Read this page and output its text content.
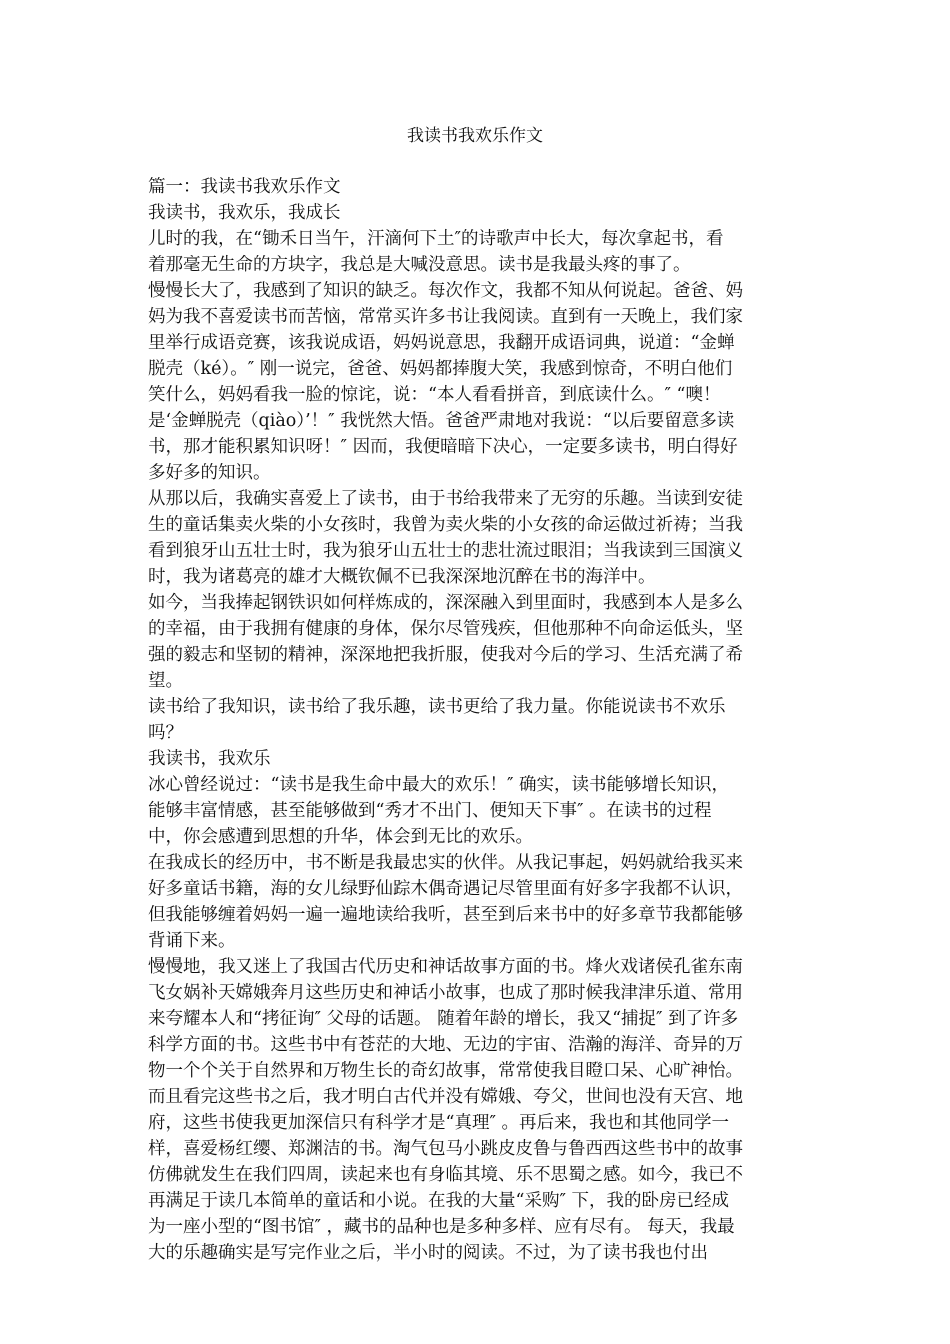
我读书我欢乐作文
篇一：我读书我欢乐作文
我读书，我欢乐，我成长
儿时的我，在“锄禾日当午，汗滴何下土″的诗歌声中长大，每次拿起书，看
着那毫无生命的方块字，我总是大喊没意思。读书是我最头疼的事了。
慢慢长大了，我感到了知识的缺乏。每次作文，我都不知从何说起。爸爸、妈
妈为我不喜爱读书而苦恼，常常买许多书让我阅读。直到有一天晚上，我们家
里举行成语竞赛，该我说成语，妈妈说意思，我翻开成语词典，说道：“金蝉
脱壳（ké）。″ 刚一说完，爸爸、妈妈都捧腹大笑，我感到惊奇，不明白他们
笑什么，妈妈看我一脸的惊诧，说：“本人看看拼音，到底读什么。″ “噢！
是‘金蝉脱壳（qiào）’！″ 我恍然大悟。爸爸严肃地对我说：“以后要留意多读
书，那才能积累知识呀！″ 因而，我便暗暗下决心，一定要多读书，明白得好
多好多的知识。
从那以后，我确实喜爱上了读书，由于书给我带来了无穷的乐趣。当读到安徒
生的童话集卖火柴的小女孩时，我曾为卖火柴的小女孩的命运做过祈祷；当我
看到狼牙山五壮士时，我为狼牙山五壮士的悲壮流过眼泪；当我读到三国演义
时，我为诸葛亮的雄才大概钦佩不已我深深地沉醉在书的海洋中。
如今，当我捧起钢铁识如何样炼成的，深深融入到里面时，我感到本人是多么
的幸福，由于我拥有健康的身体，保尔尽管残疾，但他那种不向命运低头，坚
强的毅志和坚韧的精神，深深地把我折服，使我对今后的学习、生活充满了希
望。
读书给了我知识，读书给了我乐趣，读书更给了我力量。你能说读书不欢乐
吗？
我读书，我欢乐
冰心曾经说过：“读书是我生命中最大的欢乐！″ 确实，读书能够增长知识，
能够丰富情感，甚至能够做到“秀才不出门、便知天下事″ 。在读书的过程
中，你会感遭到思想的升华，体会到无比的欢乐。
在我成长的经历中，书不断是我最忠实的伙伴。从我记事起，妈妈就给我买来
好多童话书籍，海的女儿绿野仙踪木偶奇遇记尽管里面有好多字我都不认识，
但我能够缠着妈妈一遍一遍地读给我听，甚至到后来书中的好多章节我都能够
背诵下来。
慢慢地，我又迷上了我国古代历史和神话故事方面的书。烽火戏诸侯孔雀东南
飞女娲补天嫦娥奔月这些历史和神话小故事，也成了那时候我津津乐道、常用
来夸耀本人和“拷征询″ 父母的话题。 随着年龄的增长，我又“捕捉″ 到了许多
科学方面的书。这些书中有苍茫的大地、无边的宇宙、浩瀚的海洋、奇异的万
物一个个关于自然界和万物生长的奇幻故事，常常使我目瞪口呆、心旷神怡。
而且看完这些书之后，我才明白古代并没有嫦娥、夸父，世间也没有天宫、地
府，这些书使我更加深信只有科学才是“真理″ 。再后来，我也和其他同学一
样，喜爱杨红缨、郑渊洁的书。淘气包马小跳皮皮鲁与鲁西西这些书中的故事
仿佛就发生在我们四周，读起来也有身临其境、乐不思蜀之感。如今，我已不
再满足于读几本简单的童话和小说。在我的大量“采购″ 下，我的卧房已经成
为一座小型的“图书馆″ ，藏书的品种也是多种多样、应有尽有。 每天，我最
大的乐趣确实是写完作业之后，半小时的阅读。不过，为了读书我也付出
